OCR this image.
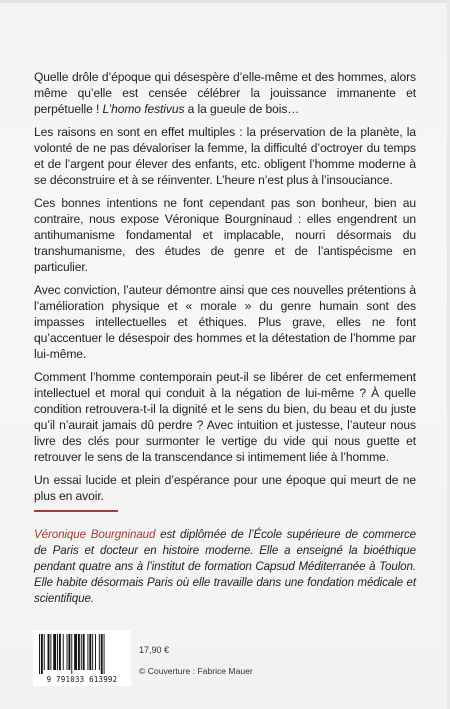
Quelle drôle d’époque qui désespère d’elle-même et des hommes, alors même qu’elle est censée célébrer la jouissance immanente et perpétuelle ! L’homo festivus a la gueule de bois…

Les raisons en sont en effet multiples : la préservation de la planète, la volonté de ne pas dévaloriser la femme, la difficulté d’octroyer du temps et de l’argent pour élever des enfants, etc. obligent l’homme moderne à se déconstruire et à se réinventer. L’heure n’est plus à l’insouciance.

Ces bonnes intentions ne font cependant pas son bonheur, bien au contraire, nous expose Véronique Bourgninaud : elles engendrent un antihumanisme fondamental et implacable, nourri désormais du transhumanisme, des études de genre et de l’antispécisme en particulier.

Avec conviction, l’auteur démontre ainsi que ces nouvelles prétentions à l’amélioration physique et « morale » du genre humain sont des impasses intellectuelles et éthiques. Plus grave, elles ne font qu’accentuer le désespoir des hommes et la détestation de l’homme par lui-même.

Comment l’homme contemporain peut-il se libérer de cet enfermement intellectuel et moral qui conduit à la négation de lui-même ? À quelle condition retrouvera-t-il la dignité et le sens du bien, du beau et du juste qu’il n’aurait jamais dû perdre ? Avec intuition et justesse, l’auteur nous livre des clés pour surmonter le vertige du vide qui nous guette et retrouver le sens de la transcendance si intimement liée à l’homme.

Un essai lucide et plein d’espérance pour une époque qui meurt de ne plus en avoir.

Véronique Bourgninaud est diplômée de l’École supérieure de commerce de Paris et docteur en histoire moderne. Elle a enseigné la bioéthique pendant quatre ans à l’institut de formation Capsud Méditerranée à Toulon. Elle habite désormais Paris où elle travaille dans une fondation médicale et scientifique.
9 791033 613992
17,90 €
© Couverture : Fabrice Mauer
